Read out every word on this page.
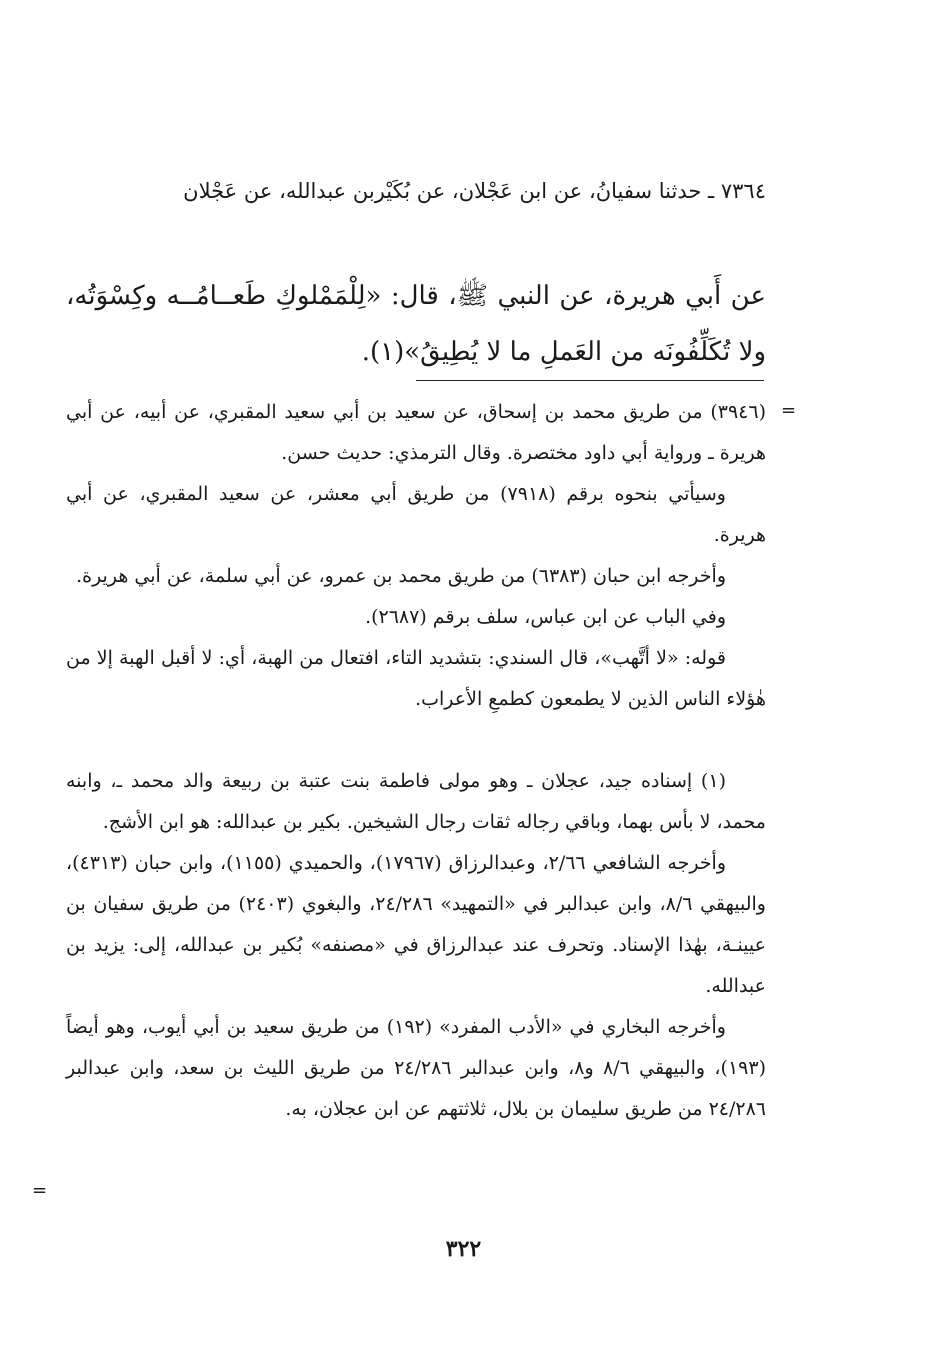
٧٣٦٤ ـ حدثنا سفيانُ، عن ابن عَجْلان، عن بُكَيْربن عبدالله، عن عَجْلان
عن أَبي هريرة، عن النبي ﷺ، قال: «لِلْمَمْلوكِ طَعــامُــه وكِسْوَتُه، ولا تُكَلِّفُونَه من العَملِ ما لا يُطِيقُ»(١).
=

(٣٩٤٦) من طريق محمد بن إسحاق، عن سعيد بن أبي سعيد المقبري، عن أبيه، عن أبي هريرة ـ ورواية أبي داود مختصرة. وقال الترمذي: حديث حسن.

وسيأتي بنحوه برقم (٧٩١٨) من طريق أبي معشر، عن سعيد المقبري، عن أبي هريرة.

وأخرجه ابن حبان (٦٣٨٣) من طريق محمد بن عمرو، عن أبي سلمة، عن أبي هريرة.

وفي الباب عن ابن عباس، سلف برقم (٢٦٨٧).

قوله: «لا أتَّهب»، قال السندي: بتشديد التاء، افتعال من الهبة، أي: لا أقبل الهبة إلا من هٰؤلاء الناس الذين لا يطمعون كطمعِ الأعراب.

(١) إسناده جيد، عجلان ـ وهو مولى فاطمة بنت عتبة بن ربيعة والد محمد ـ، وابنه محمد، لا بأس بهما، وباقي رجاله ثقات رجال الشيخين. بكير بن عبدالله: هو ابن الأشج.

وأخرجه الشافعي ٢/٦٦، وعبدالرزاق (١٧٩٦٧)، والحميدي (١١٥٥)، وابن حبان (٤٣١٣)، والبيهقي ٨/٦، وابن عبدالبر في «التمهيد» ٢٤/٢٨٦، والبغوي (٢٤٠٣) من طريق سفيان بن عيينـة، بهٰذا الإسناد. وتحرف عند عبدالرزاق في «مصنفه» بُكير بن عبدالله، إلى: يزيد بن عبدالله.

وأخرجه البخاري في «الأدب المفرد» (١٩٢) من طريق سعيد بن أبي أيوب، وهو أيضاً (١٩٣)، والبيهقي ٨/٦ و٨، وابن عبدالبر ٢٤/٢٨٦ من طريق الليث بن سعد، وابن عبدالبر ٢٤/٢٨٦ من طريق سليمان بن بلال، ثلاثتهم عن ابن عجلان، به.

=
٣٢٢
